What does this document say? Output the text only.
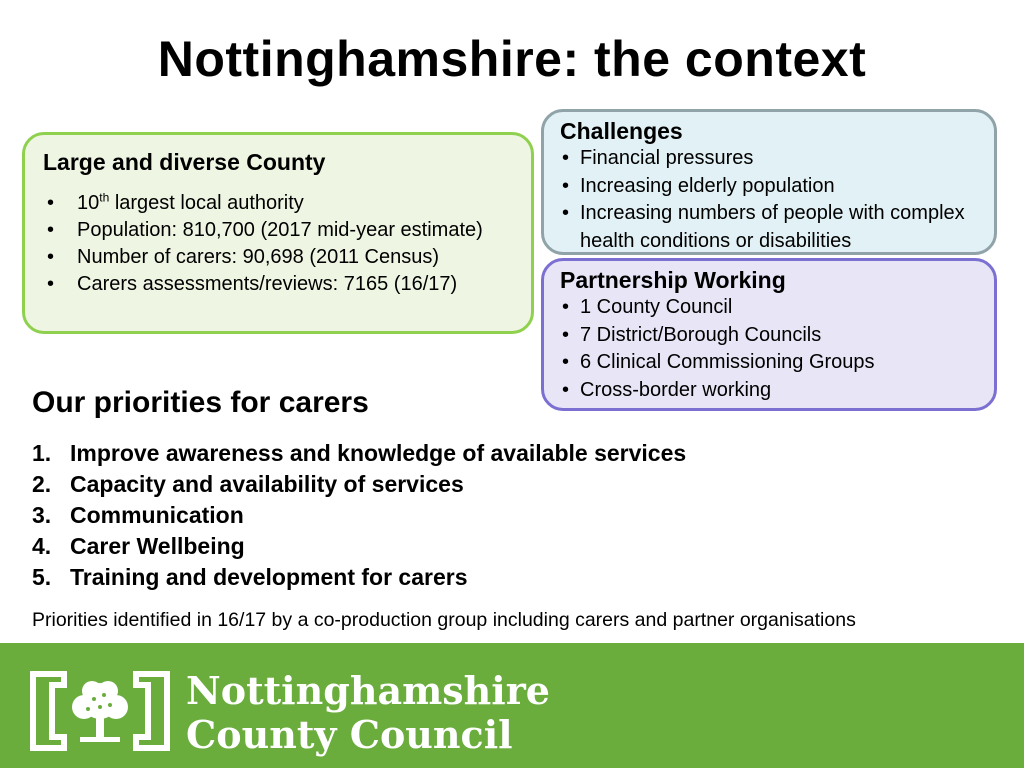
Nottinghamshire: the context

Large and diverse County

• 10th largest local authority
• Population: 810,700 (2017 mid-year estimate)
• Number of carers: 90,698 (2011 Census)
• Carers assessments/reviews: 7165 (16/17)

Challenges

• Financial pressures
• Increasing elderly population
• Increasing numbers of people with complex health conditions or disabilities

Partnership Working

• 1 County Council
• 7 District/Borough Councils
• 6 Clinical Commissioning Groups
• Cross-border working
Our priorities for carers
1. Improve awareness and knowledge of available services
2. Capacity and availability of services
3. Communication
4. Carer Wellbeing
5. Training and development for carers

Priorities identified in 16/17 by a co-production group including carers and partner organisations

Nottinghamshire
County Council
